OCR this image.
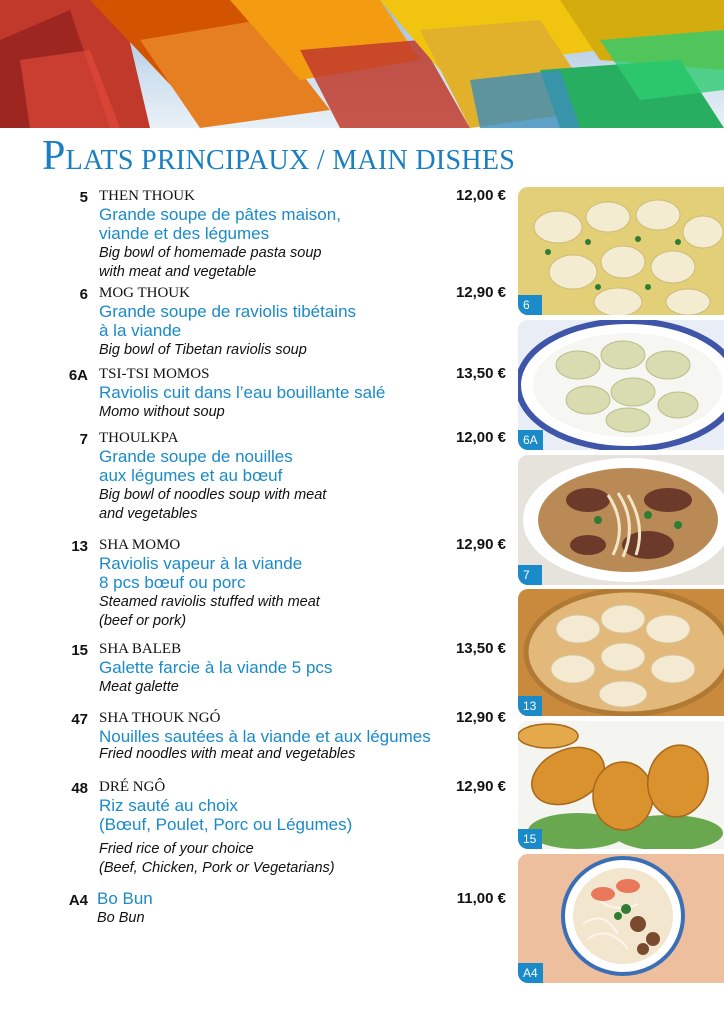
PLATS PRINCIPAUX / MAIN DISHES
5	12,00 €
THEN THOUK
Grande soupe de pâtes maison,
viande et des légumes
Big bowl of homemade pasta soup
with meat and vegetable
6	12,90 €
MOG THOUK
Grande soupe de raviolis tibétains
à la viande
Big bowl of Tibetan raviolis soup
6A	13,50 €
TSI-TSI MOMOS
Raviolis cuit dans l’eau bouillante salé
Momo without soup
7	12,00 €
THOULKPA
Grande soupe de nouilles
aux légumes et au bœuf
Big bowl of noodles soup with meat
and vegetables
13	12,90 €
SHA MOMO
Raviolis vapeur à la viande
8 pcs bœuf ou porc
Steamed raviolis stuffed with meat
(beef or pork)
15	13,50 €
SHA BALEB
Galette farcie à la viande 5 pcs
Meat galette
47	12,90 €
SHA THOUK NGÓ
Nouilles sautées à la viande et aux légumes
Fried noodles with meat and vegetables
48	12,90 €
DRÉ NGÔ
Riz sauté au choix
(Bœuf, Poulet, Porc ou Légumes)
Fried rice of your choice
(Beef, Chicken, Pork or Vegetarians)
A4	11,00 €
Bo Bun
Bo Bun
6
6A
7
13
15
A4
